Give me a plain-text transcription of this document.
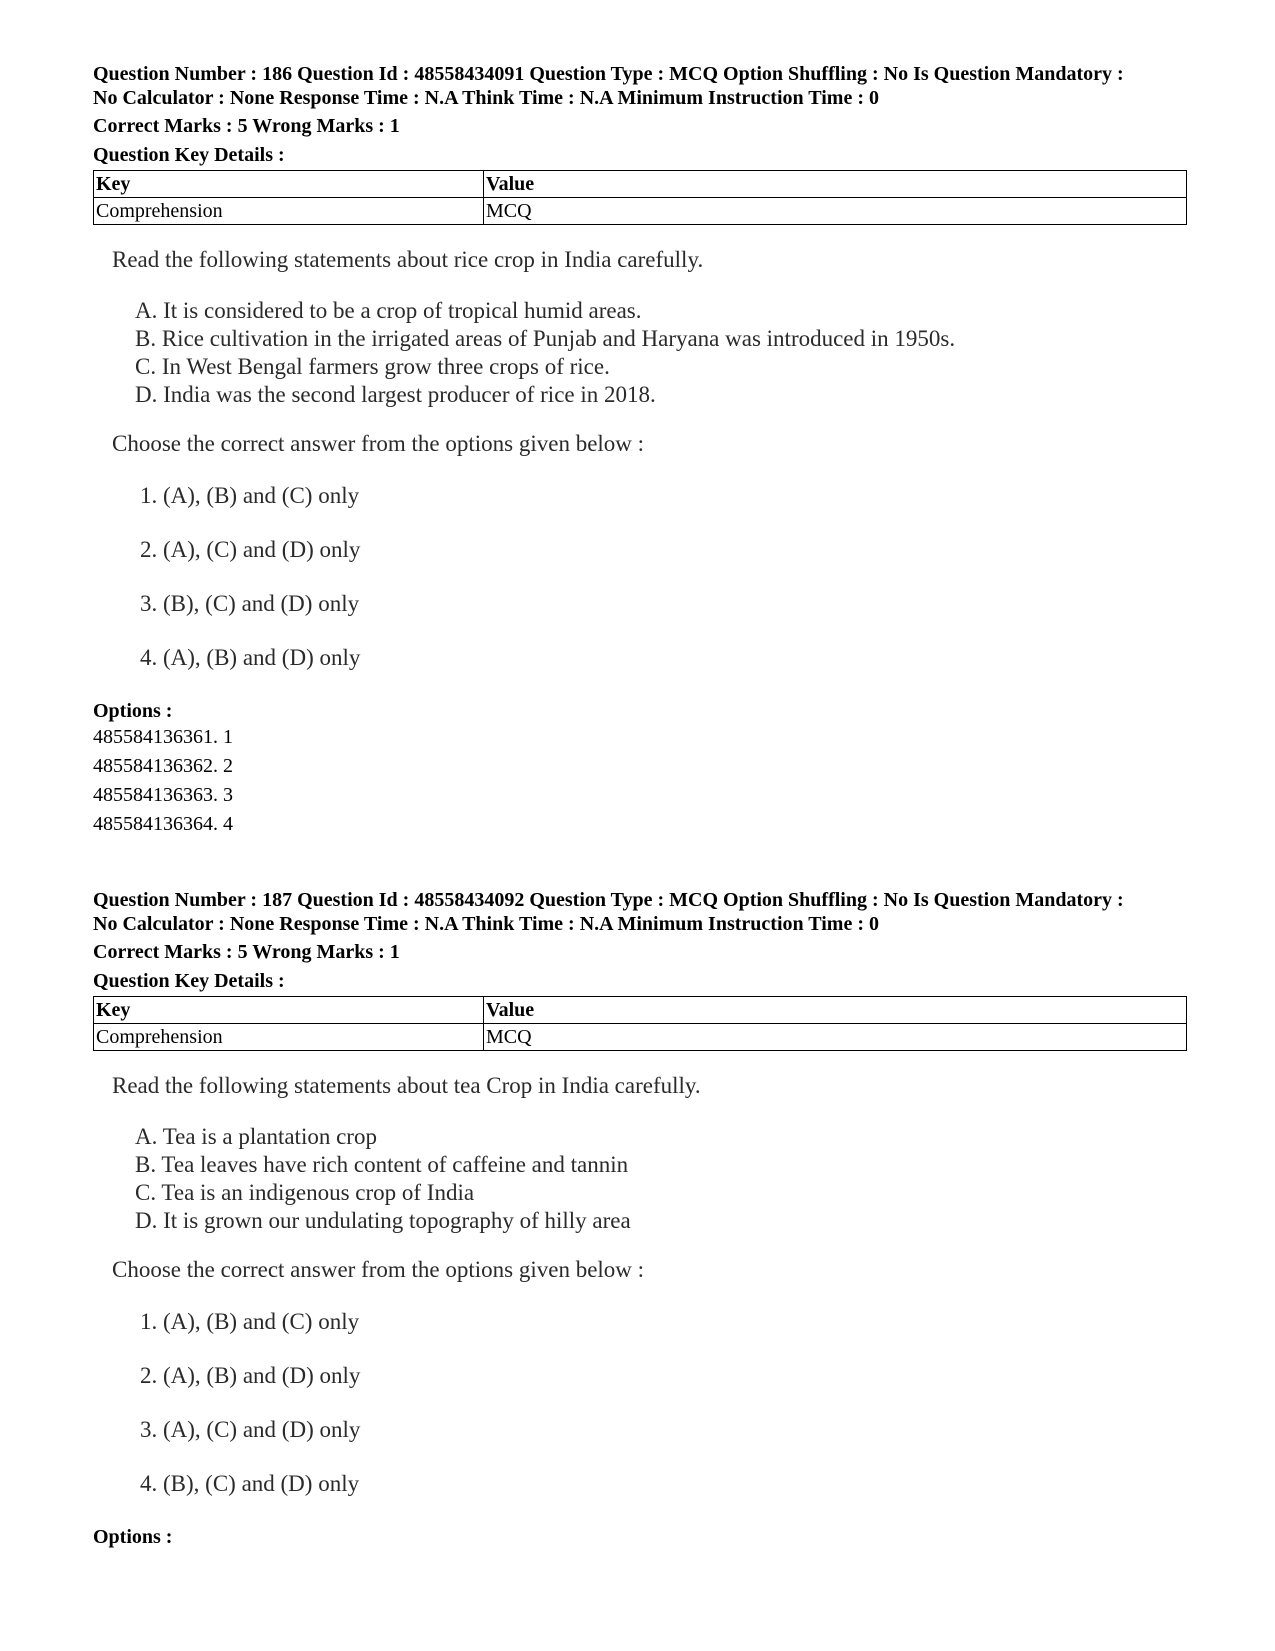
Question Number : 186 Question Id : 48558434091 Question Type : MCQ Option Shuffling : No Is Question Mandatory :

No Calculator : None Response Time : N.A Think Time : N.A Minimum Instruction Time : 0

Correct Marks : 5 Wrong Marks : 1
Question Key Details :
Key	Value
Comprehension	MCQ
Read the following statements about rice crop in India carefully.
A. It is considered to be a crop of tropical humid areas.
B. Rice cultivation in the irrigated areas of Punjab and Haryana was introduced in 1950s.
C. In West Bengal farmers grow three crops of rice.
D. India was the second largest producer of rice in 2018.
Choose the correct answer from the options given below :
1. (A), (B) and (C) only
2. (A), (C) and (D) only
3. (B), (C) and (D) only
4. (A), (B) and (D) only
Options :
485584136361. 1
485584136362. 2
485584136363. 3
485584136364. 4

Question Number : 187 Question Id : 48558434092 Question Type : MCQ Option Shuffling : No Is Question Mandatory :

No Calculator : None Response Time : N.A Think Time : N.A Minimum Instruction Time : 0

Correct Marks : 5 Wrong Marks : 1
Question Key Details :
Key	Value
Comprehension	MCQ
Read the following statements about tea Crop in India carefully.
A. Tea is a plantation crop
B. Tea leaves have rich content of caffeine and tannin
C. Tea is an indigenous crop of India
D. It is grown our undulating topography of hilly area
Choose the correct answer from the options given below :
1. (A), (B) and (C) only
2. (A), (B) and (D) only
3. (A), (C) and (D) only
4. (B), (C) and (D) only
Options :
